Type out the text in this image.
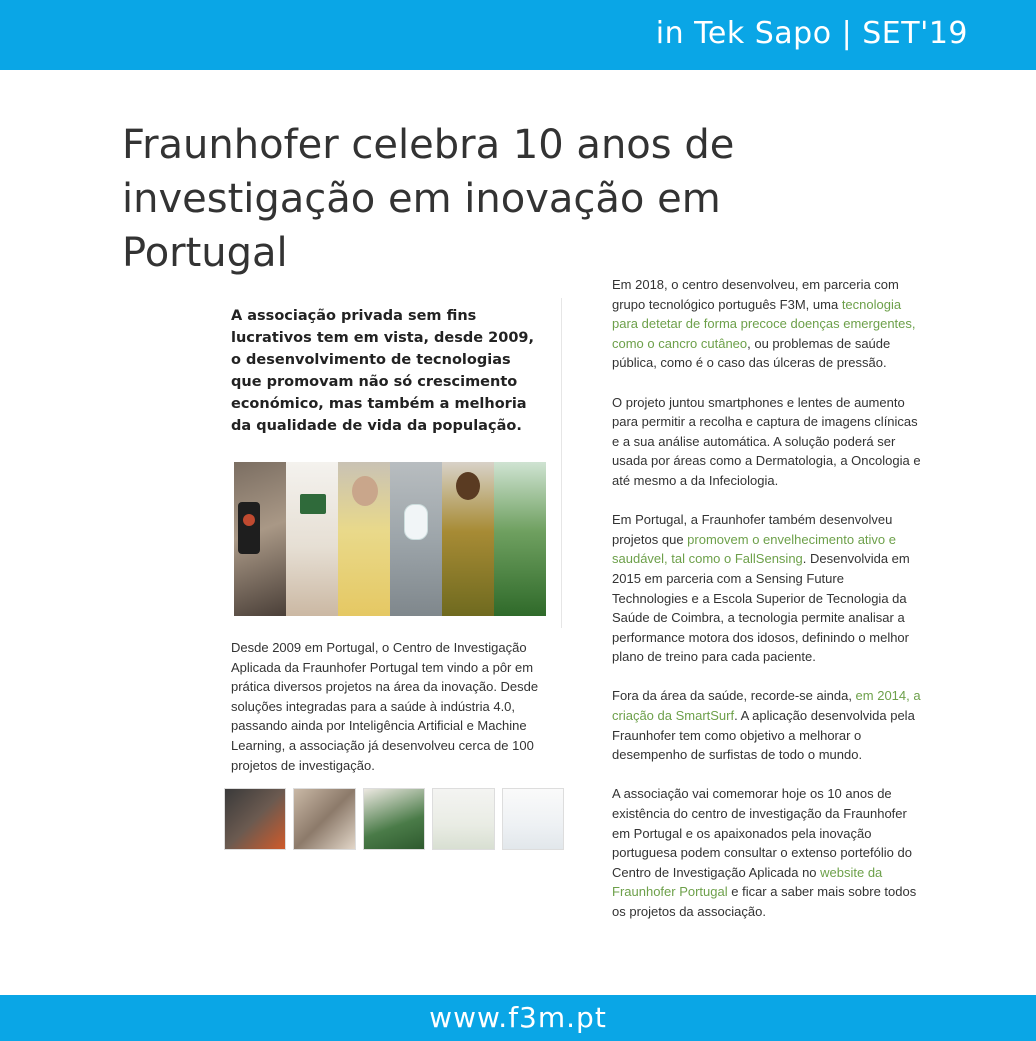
in Tek Sapo | SET'19
Fraunhofer celebra 10 anos de investigação em inovação em Portugal

A associação privada sem fins lucrativos tem em vista, desde 2009, o desenvolvimento de tecnologias que promovam não só crescimento económico, mas também a melhoria da qualidade de vida da população.

Desde 2009 em Portugal, o Centro de Investigação Aplicada da Fraunhofer Portugal tem vindo a pôr em prática diversos projetos na área da inovação. Desde soluções integradas para a saúde à indústria 4.0, passando ainda por Inteligência Artificial e Machine Learning, a associação já desenvolveu cerca de 100 projetos de investigação.

Em 2018, o centro desenvolveu, em parceria com grupo tecnológico português F3M, uma tecnologia para detetar de forma precoce doenças emergentes, como o cancro cutâneo, ou problemas de saúde pública, como é o caso das úlceras de pressão.

O projeto juntou smartphones e lentes de aumento para permitir a recolha e captura de imagens clínicas e a sua análise automática. A solução poderá ser usada por áreas como a Dermatologia, a Oncologia e até mesmo a da Infeciologia.

Em Portugal, a Fraunhofer também desenvolveu projetos que promovem o envelhecimento ativo e saudável, tal como o FallSensing. Desenvolvida em 2015 em parceria com a Sensing Future Technologies e a Escola Superior de Tecnologia da Saúde de Coimbra, a tecnologia permite analisar a performance motora dos idosos, definindo o melhor plano de treino para cada paciente.

Fora da área da saúde, recorde-se ainda, em 2014, a criação da SmartSurf. A aplicação desenvolvida pela Fraunhofer tem como objetivo a melhorar o desempenho de surfistas de todo o mundo.

A associação vai comemorar hoje os 10 anos de existência do centro de investigação da Fraunhofer em Portugal e os apaixonados pela inovação portuguesa podem consultar o extenso portefólio do Centro de Investigação Aplicada no website da Fraunhofer Portugal e ficar a saber mais sobre todos os projetos da associação.

www.f3m.pt
